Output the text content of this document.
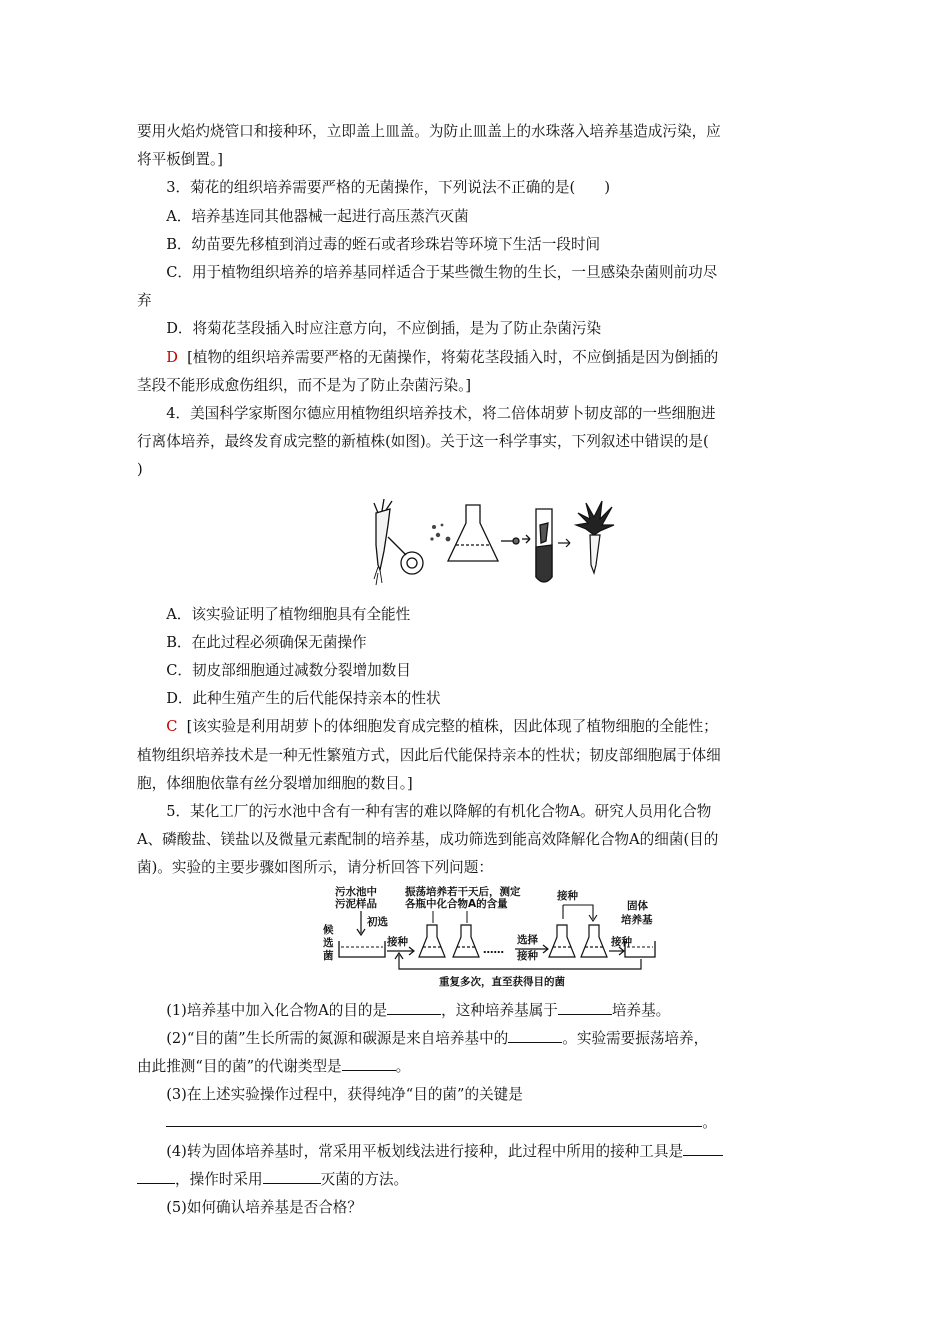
要用火焰灼烧管口和接种环，立即盖上皿盖。为防止皿盖上的水珠落入培养基造成污染，应

将平板倒置。]

3．菊花的组织培养需要严格的无菌操作，下列说法不正确的是(　　)

A．培养基连同其他器械一起进行高压蒸汽灭菌

B．幼苗要先移植到消过毒的蛭石或者珍珠岩等环境下生活一段时间

C．用于植物组织培养的培养基同样适合于某些微生物的生长，一旦感染杂菌则前功尽

弃

D．将菊花茎段插入时应注意方向，不应倒插，是为了防止杂菌污染

D [植物的组织培养需要严格的无菌操作，将菊花茎段插入时，不应倒插是因为倒插的

茎段不能形成愈伤组织，而不是为了防止杂菌污染。]

4．美国科学家斯图尔德应用植物组织培养技术，将二倍体胡萝卜韧皮部的一些细胞进

行离体培养，最终发育成完整的新植株(如图)。关于这一科学事实，下列叙述中错误的是(

)

A．该实验证明了植物细胞具有全能性

B．在此过程必须确保无菌操作

C．韧皮部细胞通过减数分裂增加数目

D．此种生殖产生的后代能保持亲本的性状

C [该实验是利用胡萝卜的体细胞发育成完整的植株，因此体现了植物细胞的全能性；

植物组织培养技术是一种无性繁殖方式，因此后代能保持亲本的性状；韧皮部细胞属于体细

胞，体细胞依靠有丝分裂增加细胞的数目。]

5．某化工厂的污水池中含有一种有害的难以降解的有机化合物A。研究人员用化合物

A、磷酸盐、镁盐以及微量元素配制的培养基，成功筛选到能高效降解化合物A的细菌(目的

菌)。实验的主要步骤如图所示，请分析回答下列问题：

污水池中
污泥样品
初选
候
选
菌
振荡培养若干天后，测定
各瓶中化合物A的含量
接种
……
选择
接种
接种
接种
固体
培养基
重复多次，直至获得目的菌

(1)培养基中加入化合物A的目的是	，这种培养基属于	培养基。

(2)“目的菌”生长所需的氮源和碳源是来自培养基中的	。实验需要振荡培养，

由此推测“目的菌”的代谢类型是	。

(3)在上述实验操作过程中，获得纯净“目的菌”的关键是

。

(4)转为固体培养基时，常采用平板划线法进行接种，此过程中所用的接种工具是

，操作时采用	灭菌的方法。

(5)如何确认培养基是否合格？
